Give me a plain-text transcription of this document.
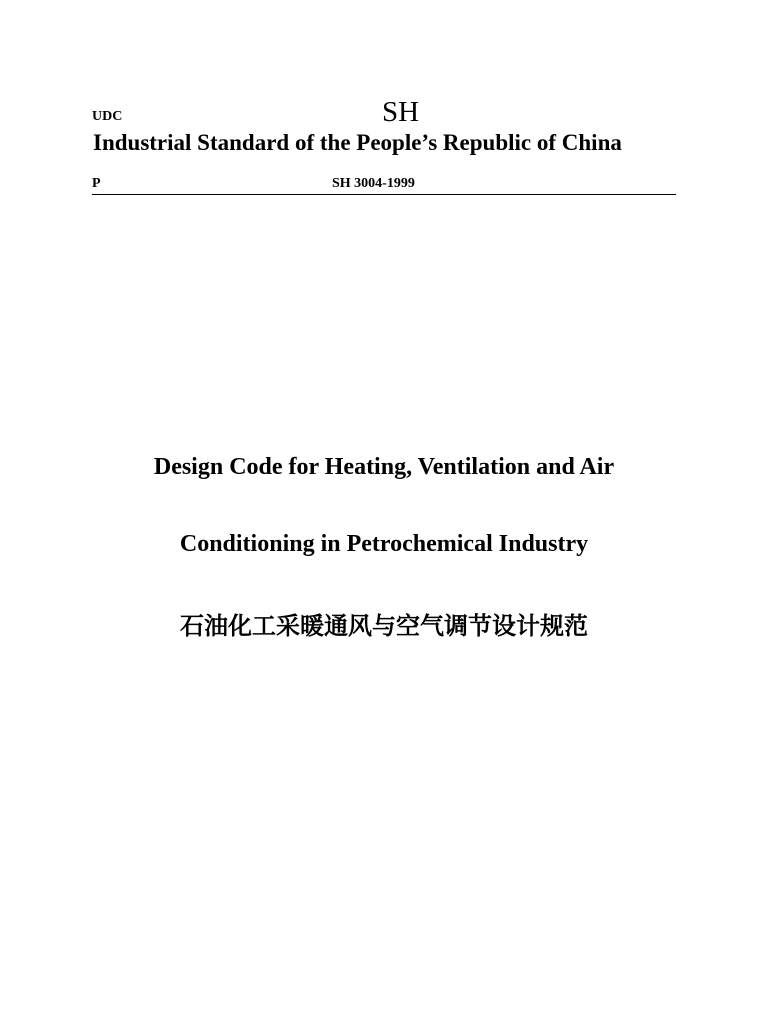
UDC	SH
Industrial Standard of the People’s Republic of China
P	SH 3004-1999
Design Code for Heating, Ventilation and Air
Conditioning in Petrochemical Industry
石油化工采暖通风与空气调节设计规范
